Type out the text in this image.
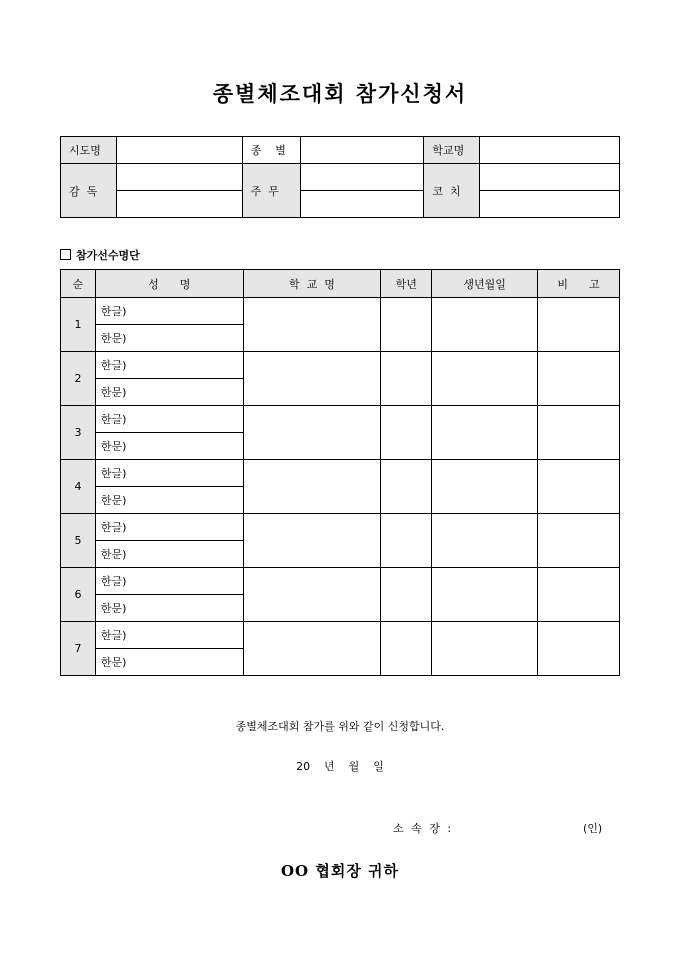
종별체조대회 참가신청서
시도명		종    별		학교명	
감  독		주  무		코  치	

참가선수명단
순	성      명	학  교  명	학년	생년월일	비      고
1	한글)				
	한문)				
2	한글)				
	한문)				
3	한글)				
	한문)				
4	한글)				
	한문)				
5	한글)				
	한문)				
6	한글)				
	한문)				
7	한글)				
	한문)				
종별체조대회 참가를 위와 같이 신청합니다.
20    년    월    일
소 속 장 :	(인)
OO 협회장 귀하
